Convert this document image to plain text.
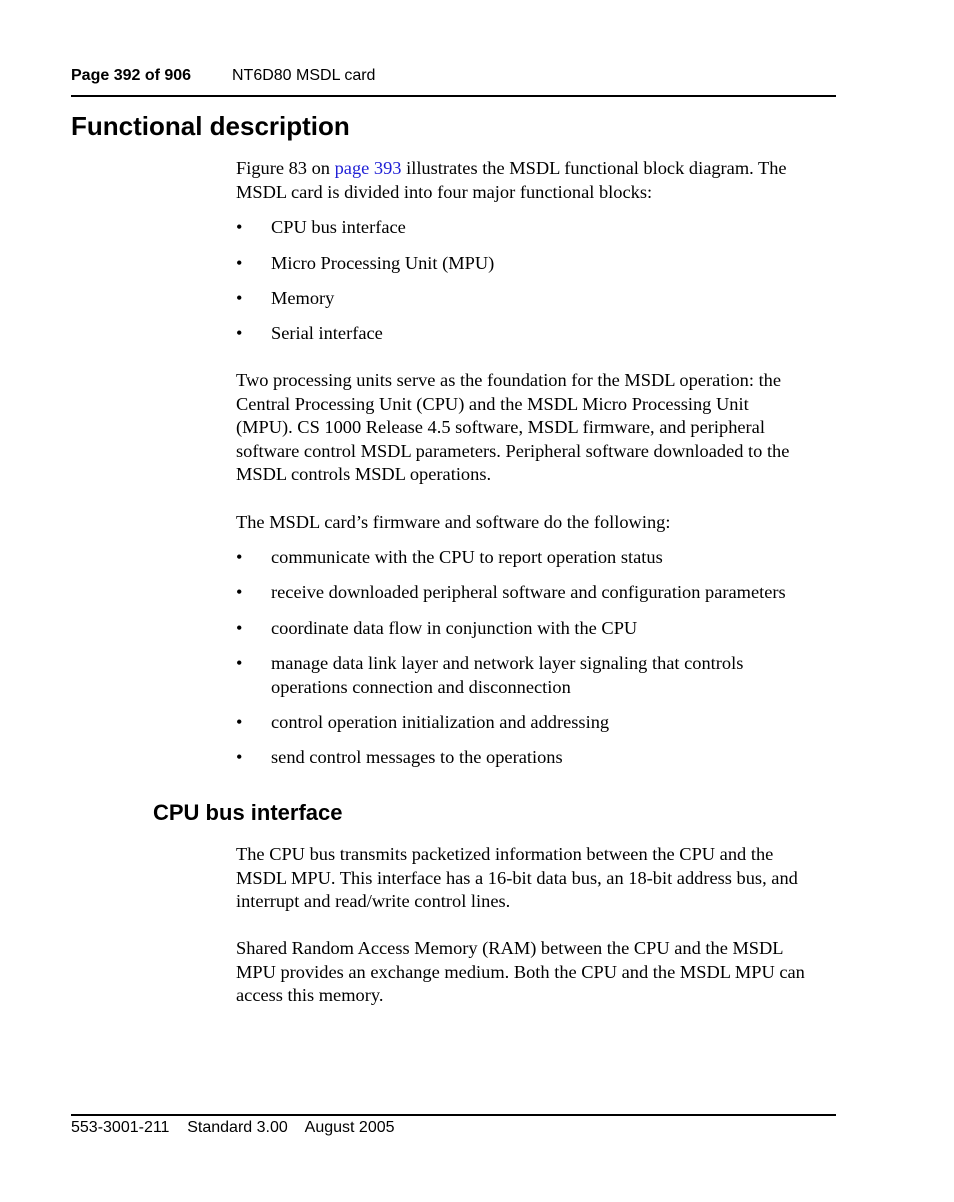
Page 392 of 906	NT6D80 MSDL card
Functional description

Figure 83 on page 393 illustrates the MSDL functional block diagram. The

MSDL card is divided into four major functional blocks:

• CPU bus interface
• Micro Processing Unit (MPU)
• Memory
• Serial interface

Two processing units serve as the foundation for the MSDL operation: the

Central Processing Unit (CPU) and the MSDL Micro Processing Unit

(MPU). CS 1000 Release 4.5 software, MSDL firmware, and peripheral

software control MSDL parameters. Peripheral software downloaded to the

MSDL controls MSDL operations.

The MSDL card’s firmware and software do the following:

• communicate with the CPU to report operation status
• receive downloaded peripheral software and configuration parameters
• coordinate data flow in conjunction with the CPU
• manage data link layer and network layer signaling that controls
operations connection and disconnection
• control operation initialization and addressing
• send control messages to the operations
CPU bus interface

The CPU bus transmits packetized information between the CPU and the

MSDL MPU. This interface has a 16-bit data bus, an 18-bit address bus, and

interrupt and read/write control lines.

Shared Random Access Memory (RAM) between the CPU and the MSDL

MPU provides an exchange medium. Both the CPU and the MSDL MPU can

access this memory.

553-3001-211 Standard 3.00 August 2005
